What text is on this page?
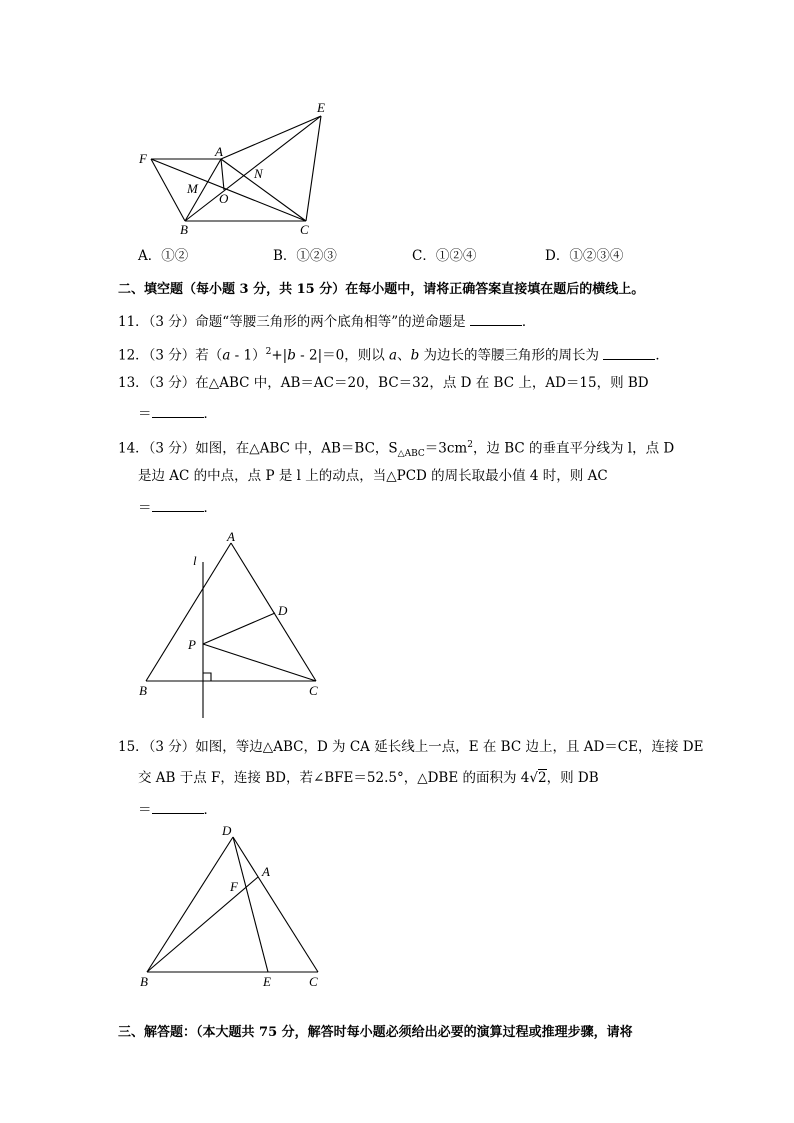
E
F	A
N
M
O
B	C
A．①②	B．①②③	C．①②④	D．①②③④
二、填空题（每小题 3 分，共 15 分）在每小题中，请将正确答案直接填在题后的横线上。
11．（3 分）命题“等腰三角形的两个底角相等”的逆命题是	．
12．（3 分）若（a - 1）$^2$+|b - 2|＝0，则以 a、b 为边长的等腰三角形的周长为	．
13．（3 分）在△ABC 中，AB＝AC＝20，BC＝32，点 D 在 BC 上，AD＝15，则 BD
＝	．
14．（3 分）如图，在△ABC 中，AB＝BC，$S_{\triangle ABC}=3cm^2$，边 BC 的垂直平分线为 l，点 D
是边 AC 的中点，点 P 是 l 上的动点，当△PCD 的周长取最小值 4 时，则 AC
＝	．
A
l
D
P
B	C
15．（3 分）如图，等边△ABC，D 为 CA 延长线上一点，E 在 BC 边上，且 AD＝CE，连接 DE
交 AB 于点 F，连接 BD，若∠BFE＝52.5°，△DBE 的面积为 4√2，则 DB
＝	．
D
A
F
B	E	C
三、解答题：（本大题共 75 分，解答时每小题必须给出必要的演算过程或推理步骤，请将
